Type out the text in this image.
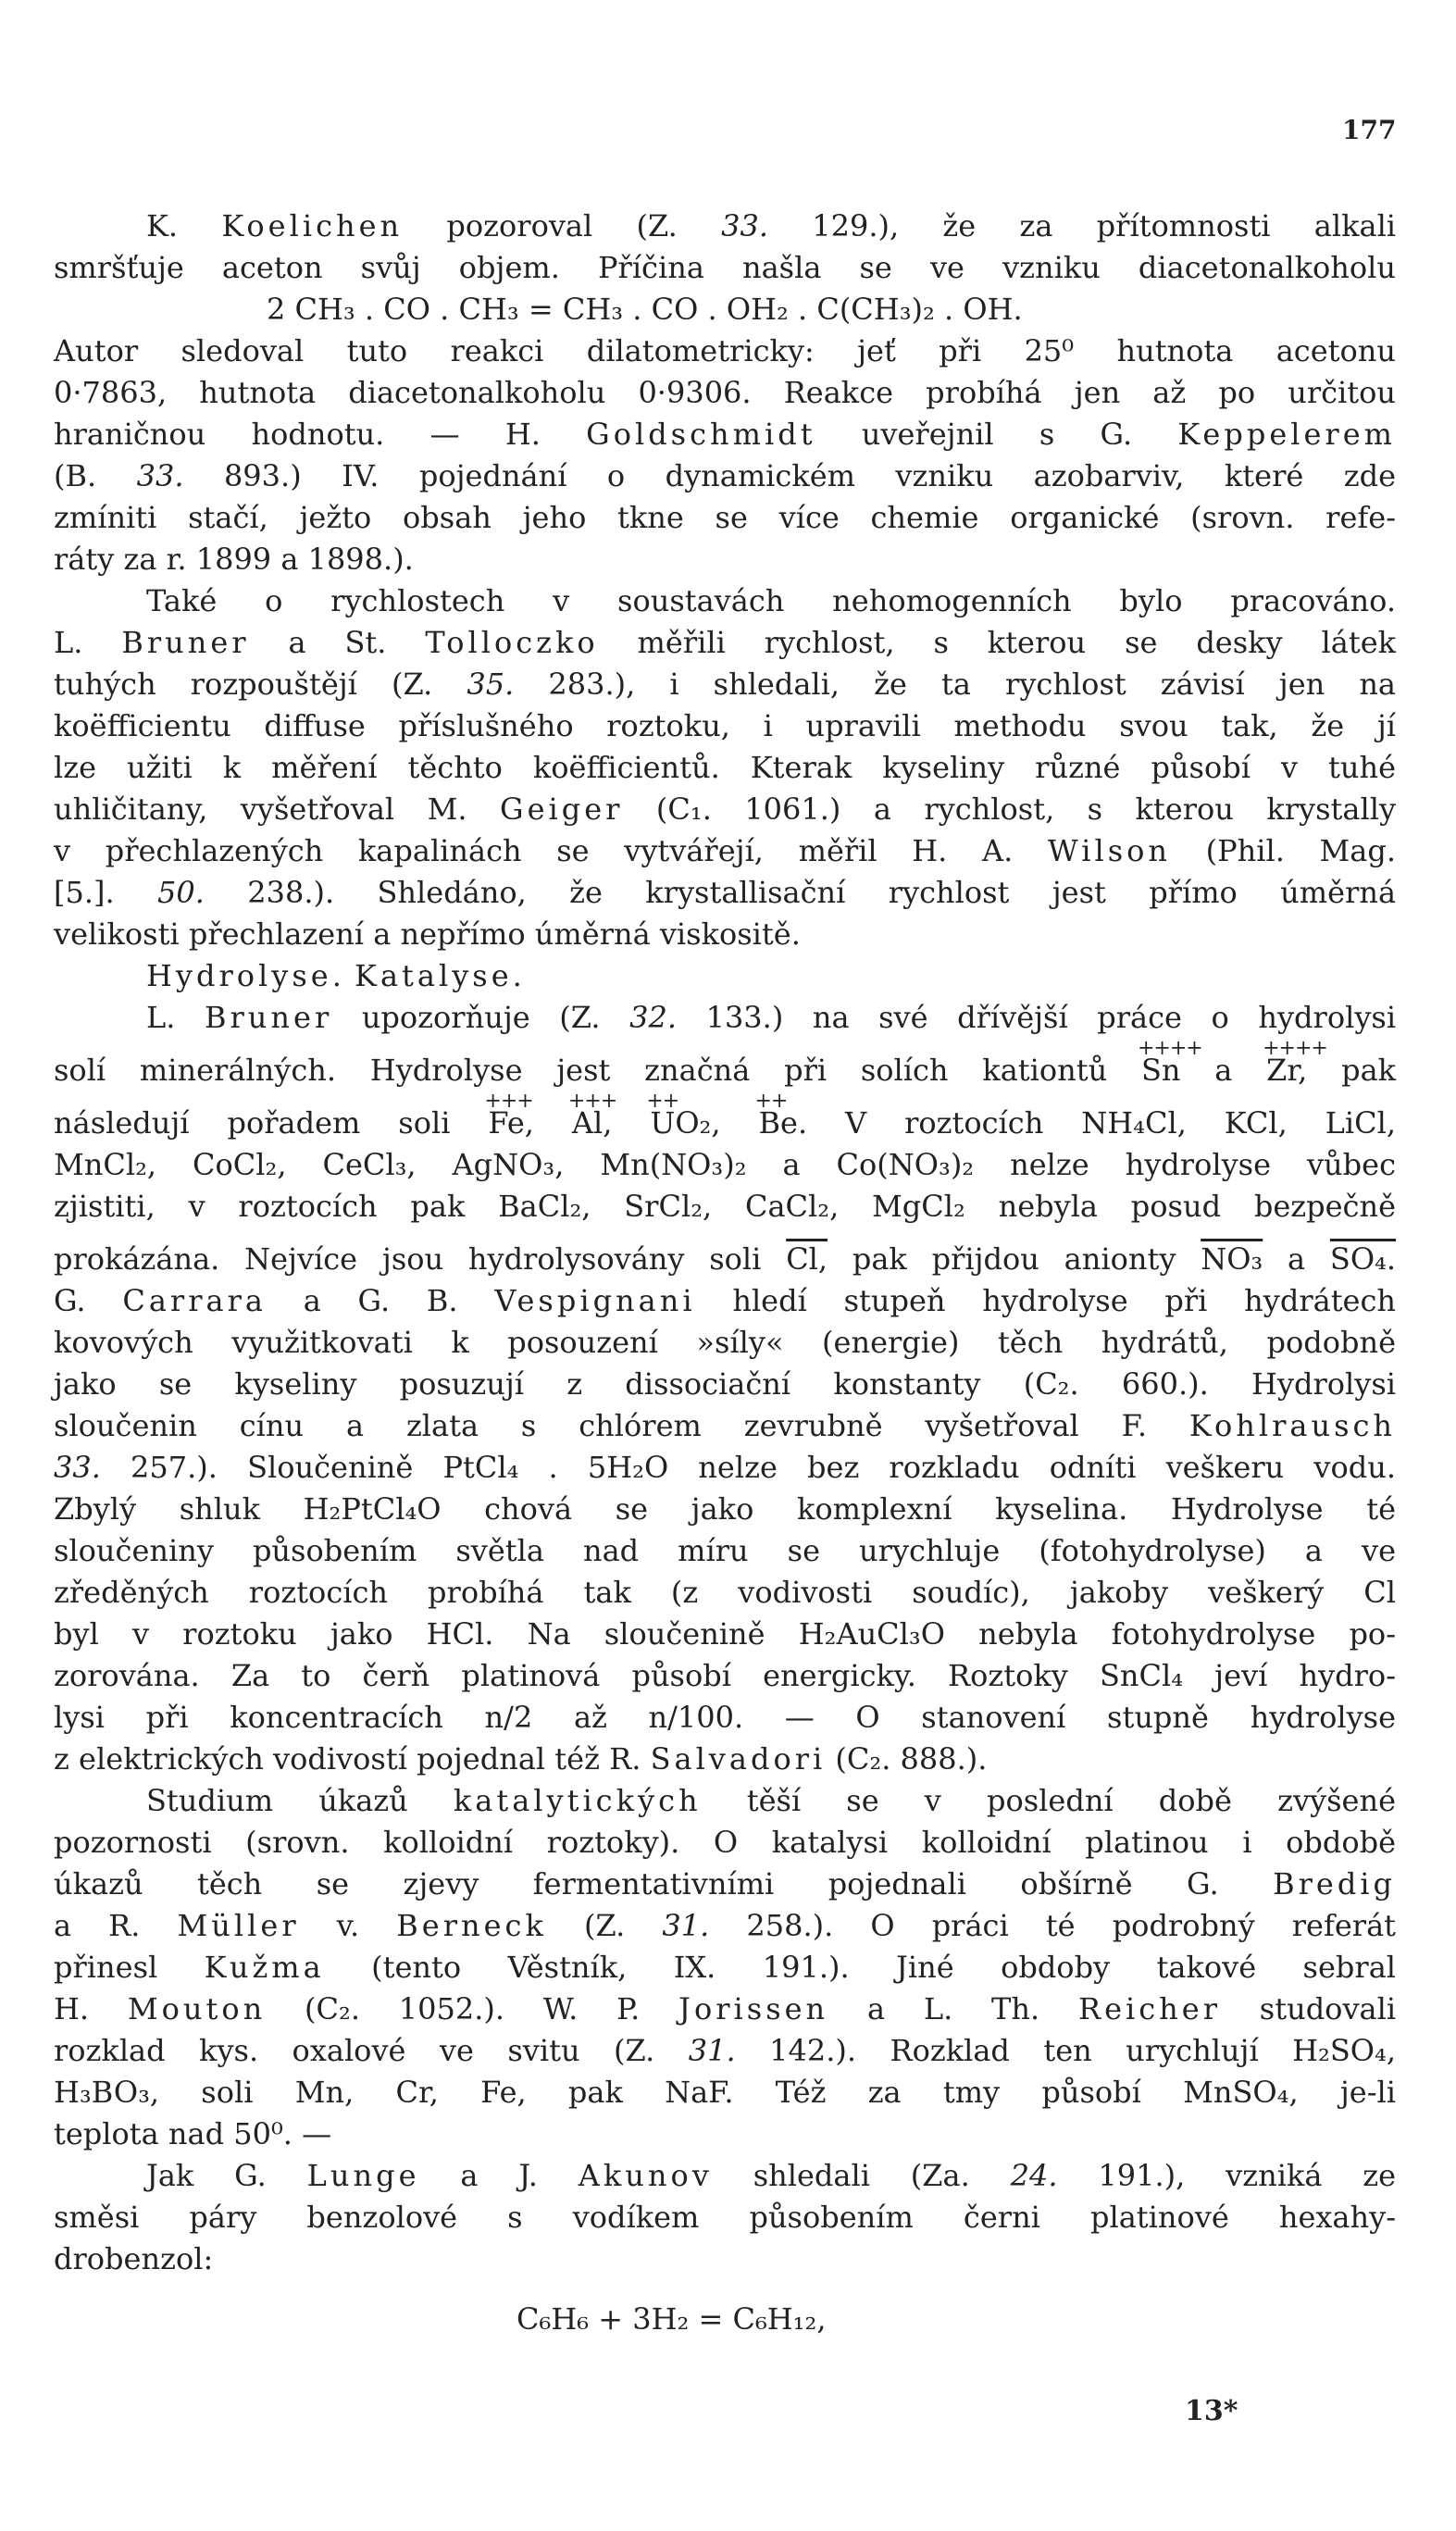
177
K. Koelichen pozoroval (Z. 33. 129.), že za přítomnosti alkali
smršťuje aceton svůj objem. Příčina našla se ve vzniku diacetonalkoholu
2 CH₃ . CO . CH₃ = CH₃ . CO . OH₂ . C(CH₃)₂ . OH.
Autor sledoval tuto reakci dilatometricky: jeť při 25⁰ hutnota acetonu
0·7863, hutnota diacetonalkoholu 0·9306. Reakce probíhá jen až po určitou
hraničnou hodnotu. — H. Goldschmidt uveřejnil s G. Keppelerem
(B. 33. 893.) IV. pojednání o dynamickém vzniku azobarviv, které zde
zmíniti stačí, ježto obsah jeho tkne se více chemie organické (srovn. refe-
ráty za r. 1899 a 1898.).
Také o rychlostech v soustavách nehomogenních bylo pracováno.
L. Bruner a St. Tolloczko měřili rychlost, s kterou se desky látek
tuhých rozpouštějí (Z. 35. 283.), i shledali, že ta rychlost závisí jen na
koëfficientu diffuse příslušného roztoku, i upravili methodu svou tak, že jí
lze užiti k měření těchto koëfficientů. Kterak kyseliny různé působí v tuhé
uhličitany, vyšetřoval M. Geiger (C₁. 1061.) a rychlost, s kterou krystally
v přechlazených kapalinách se vytvářejí, měřil H. A. Wilson (Phil. Mag.
[5.]. 50. 238.). Shledáno, že krystallisační rychlost jest přímo úměrná
velikosti přechlazení a nepřímo úměrná viskositě.
Hydrolyse. Katalyse.
L. Bruner upozorňuje (Z. 32. 133.) na své dřívější práce o hydrolysi
solí minerálných. Hydrolyse jest značná při solích kationtů
++++
Sn a
++++
Zr, pak
následují pořadem soli
+++
Fe,
+++
Al,
++
UO₂,
++
Be. V roztocích NH₄Cl, KCl, LiCl,
MnCl₂, CoCl₂, CeCl₃, AgNO₃, Mn(NO₃)₂ a Co(NO₃)₂ nelze hydrolyse vůbec
zjistiti, v roztocích pak BaCl₂, SrCl₂, CaCl₂, MgCl₂ nebyla posud bezpečně
prokázána. Nejvíce jsou hydrolysovány soli Cl, pak přijdou anionty NO₃ a SO₄.
G. Carrara a G. B. Vespignani hledí stupeň hydrolyse při hydrátech
kovových využitkovati k posouzení »síly« (energie) těch hydrátů, podobně
jako se kyseliny posuzují z dissociační konstanty (C₂. 660.). Hydrolysi
sloučenin cínu a zlata s chlórem zevrubně vyšetřoval F. Kohlrausch
33. 257.). Sloučenině PtCl₄ . 5H₂O nelze bez rozkladu odníti veškeru vodu.
Zbylý shluk H₂PtCl₄O chová se jako komplexní kyselina. Hydrolyse té
sloučeniny působením světla nad míru se urychluje (fotohydrolyse) a ve
zředěných roztocích probíhá tak (z vodivosti soudíc), jakoby veškerý Cl
byl v roztoku jako HCl. Na sloučenině H₂AuCl₃O nebyla fotohydrolyse po-
zorována. Za to čerň platinová působí energicky. Roztoky SnCl₄ jeví hydro-
lysi při koncentracích n/2 až n/100. — O stanovení stupně hydrolyse
z elektrických vodivostí pojednal též R. Salvadori (C₂. 888.).
Studium úkazů katalytických těší se v poslední době zvýšené
pozornosti (srovn. kolloidní roztoky). O katalysi kolloidní platinou i obdobě
úkazů těch se zjevy fermentativními pojednali obšírně G. Bredig
a R. Müller v. Berneck (Z. 31. 258.). O práci té podrobný referát
přinesl Kužma (tento Věstník, IX. 191.). Jiné obdoby takové sebral
H. Mouton (C₂. 1052.). W. P. Jorissen a L. Th. Reicher studovali
rozklad kys. oxalové ve svitu (Z. 31. 142.). Rozklad ten urychlují H₂SO₄,
H₃BO₃, soli Mn, Cr, Fe, pak NaF. Též za tmy působí MnSO₄, je-li
teplota nad 50⁰. —
Jak G. Lunge a J. Akunov shledali (Za. 24. 191.), vzniká ze
směsi páry benzolové s vodíkem působením černi platinové hexahy-
drobenzol:
C₆H₆ + 3H₂ = C₆H₁₂,
13*
